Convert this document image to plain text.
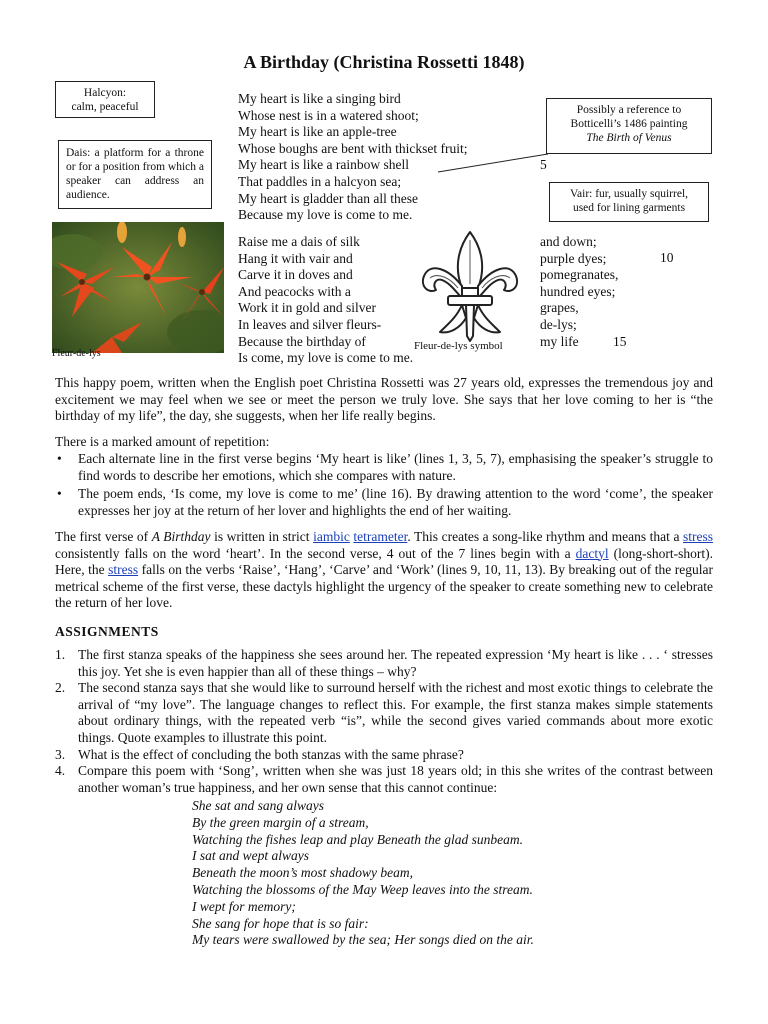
A Birthday (Christina Rossetti 1848)
Halcyon:
calm, peaceful
Dais: a platform for a throne or for a position from which a speaker can address an audience.
Possibly a reference to
Botticelli’s 1486 painting
The Birth of Venus
Vair: fur, usually squirrel,
used for lining garments
My heart is like a singing bird
Whose nest is in a watered shoot;
My heart is like an apple-tree
Whose boughs are bent with thickset fruit;
My heart is like a rainbow shell
That paddles in a halcyon sea;
My heart is gladder than all these
Because my love is come to me.
5
Fleur-de-lys
Raise me a dais of silk
Hang it with vair and
Carve it in doves and
And peacocks with a
Work it in gold and silver
In leaves and silver fleurs-
Because the birthday of
and down;
purple dyes;
pomegranates,
hundred eyes;
grapes,
de-lys;
my life
10
15
Fleur-de-lys symbol
Is come, my love is come to me.
This happy poem, written when the English poet Christina Rossetti was 27 years old, expresses the tremendous joy and excitement we may feel when we see or meet the person we truly love. She says that her love coming to her is “the birthday of my life”, the day, she suggests, when her life really begins.
There is a marked amount of repetition:
• Each alternate line in the first verse begins ‘My heart is like’ (lines 1, 3, 5, 7), emphasising the speaker’s struggle to find words to describe her emotions, which she compares with nature.
• The poem ends, ‘Is come, my love is come to me’ (line 16). By drawing attention to the word ‘come’, the speaker expresses her joy at the return of her lover and highlights the end of her waiting.
The first verse of A Birthday is written in strict iambic tetrameter. This creates a song-like rhythm and means that a stress consistently falls on the word ‘heart’. In the second verse, 4 out of the 7 lines begin with a dactyl (long-short-short). Here, the stress falls on the verbs ‘Raise’, ‘Hang’, ‘Carve’ and ‘Work’ (lines 9, 10, 11, 13). By breaking out of the regular metrical scheme of the first verse, these dactyls highlight the urgency of the speaker to create something new to celebrate the return of her love.
ASSIGNMENTS
1. The first stanza speaks of the happiness she sees around her. The repeated expression ‘My heart is like . . . ‘ stresses this joy. Yet she is even happier than all of these things – why?
2. The second stanza says that she would like to surround herself with the richest and most exotic things to celebrate the arrival of “my love”. The language changes to reflect this. For example, the first stanza makes simple statements about ordinary things, with the repeated verb “is”, while the second gives varied commands about more exotic things. Quote examples to illustrate this point.
3. What is the effect of concluding the both stanzas with the same phrase?
4. Compare this poem with ‘Song’, written when she was just 18 years old; in this she writes of the contrast between another woman’s true happiness, and her own sense that this cannot continue:
She sat and sang always
By the green margin of a stream,
Watching the fishes leap and play Beneath the glad sunbeam.
I sat and wept always
Beneath the moon’s most shadowy beam,
Watching the blossoms of the May Weep leaves into the stream.
I wept for memory;
She sang for hope that is so fair:
My tears were swallowed by the sea; Her songs died on the air.
